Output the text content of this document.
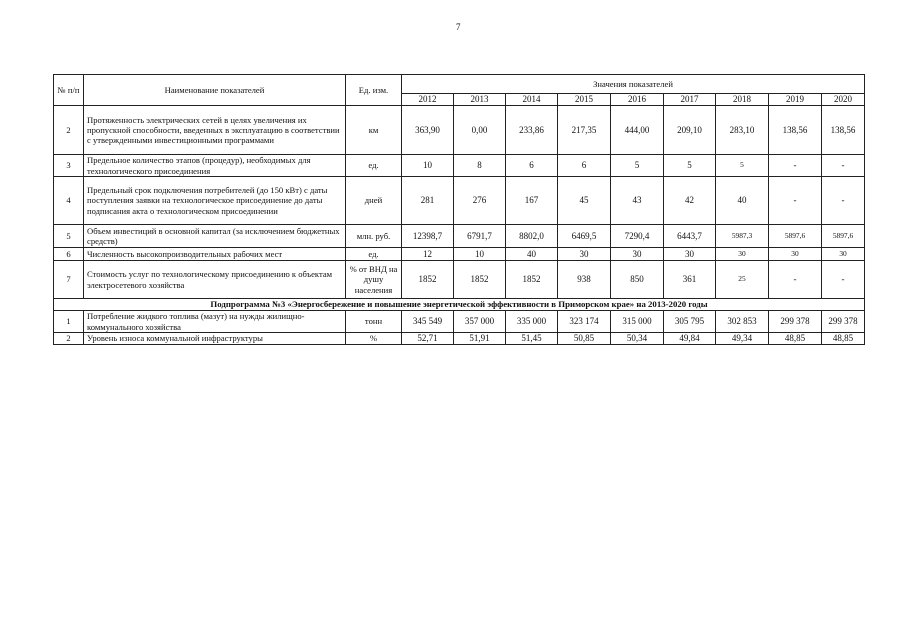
7
№ п/п	Наименование показателей	Ед. изм.	Значения показателей								
			2012	2013	2014	2015	2016	2017	2018	2019	2020
2	Протяженность электрических сетей в целях увеличения их пропускной способности, введенных в эксплуатацию в соответствии с утвержденными инвестиционными программами	км	363,90	0,00	233,86	217,35	444,00	209,10	283,10	138,56	138,56
3	Предельное количество этапов (процедур), необходимых для технологического присоединения	ед.	10	8	6	6	5	5	5	-	-
4	Предельный срок подключения потребителей (до 150 кВт) с даты поступления заявки на технологическое присоединение до даты подписания акта о технологическом присоединении	дней	281	276	167	45	43	42	40	-	-
5	Объем инвестиций в основной капитал (за исключением бюджетных средств)	млн. руб.	12398,7	6791,7	8802,0	6469,5	7290,4	6443,7	5987,3	5897,6	5897,6
6	Численность высокопроизводительных рабочих мест	ед.	12	10	40	30	30	30	30	30	30
7	Стоимость услуг по технологическому присоединению к объектам электросетевого хозяйства	% от ВНД на душу населения	1852	1852	1852	938	850	361	25	-	-
Подпрограмма №3 «Энергосбережение и повышение энергетической эффективности в Приморском крае» на 2013-2020 годы											
1	Потребление жидкого топлива (мазут) на нужды жилищно-коммунального хозяйства	тонн	345 549	357 000	335 000	323 174	315 000	305 795	302 853	299 378	299 378
2	Уровень износа коммунальной инфраструктуры	%	52,71	51,91	51,45	50,85	50,34	49,84	49,34	48,85	48,85
